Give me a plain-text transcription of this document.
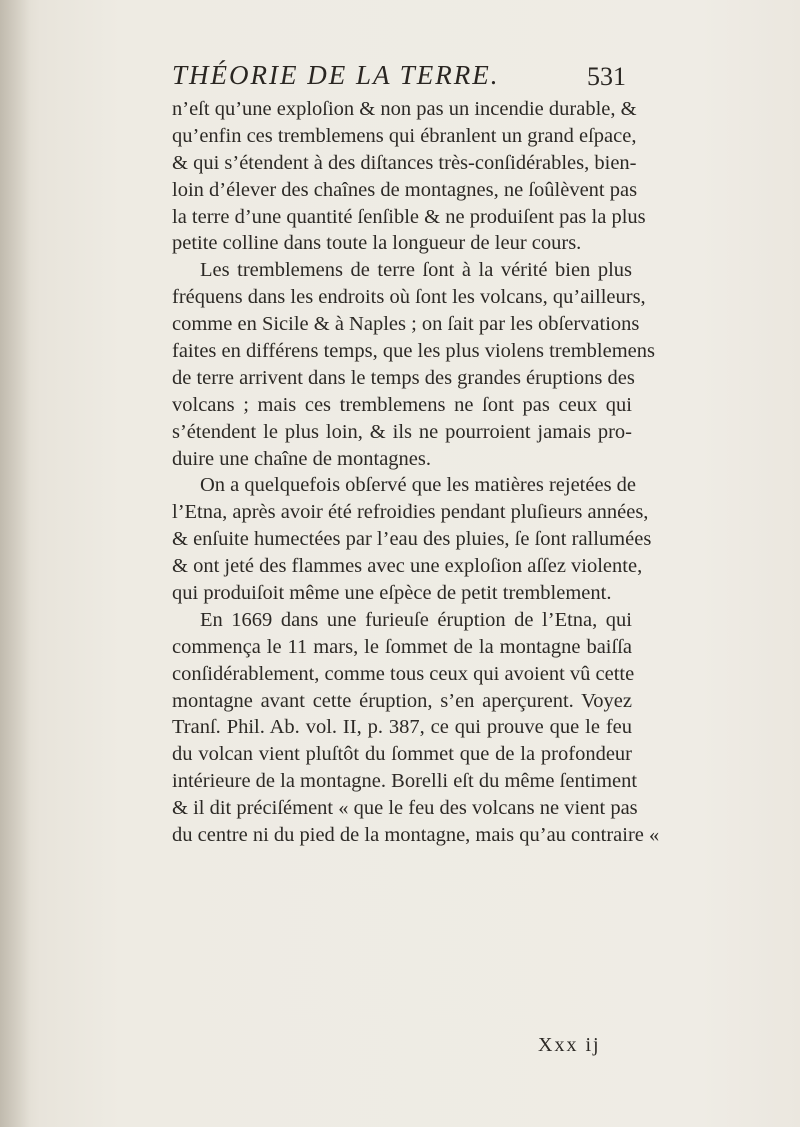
THÉORIE DE LA TERRE.	531
n’eſt qu’une exploſion & non pas un incendie durable, &
qu’enfin ces tremblemens qui ébranlent un grand eſpace,
& qui s’étendent à des diſtances très-conſidérables, bien-
loin d’élever des chaînes de montagnes, ne ſoûlèvent pas
la terre d’une quantité ſenſible & ne produiſent pas la plus
petite colline dans toute la longueur de leur cours.
Les tremblemens de terre ſont à la vérité bien plus
fréquens dans les endroits où ſont les volcans, qu’ailleurs,
comme en Sicile & à Naples ; on ſait par les obſervations
faites en différens temps, que les plus violens tremblemens
de terre arrivent dans le temps des grandes éruptions des
volcans ; mais ces tremblemens ne ſont pas ceux qui
s’étendent le plus loin, & ils ne pourroient jamais pro-
duire une chaîne de montagnes.
On a quelquefois obſervé que les matières rejetées de
l’Etna, après avoir été refroidies pendant pluſieurs années,
& enſuite humectées par l’eau des pluies, ſe ſont rallumées
& ont jeté des flammes avec une exploſion aſſez violente,
qui produiſoit même une eſpèce de petit tremblement.
En 1669 dans une furieuſe éruption de l’Etna, qui
commença le 11 mars, le ſommet de la montagne baiſſa
conſidérablement, comme tous ceux qui avoient vû cette
montagne avant cette éruption, s’en aperçurent. Voyez
Tranſ. Phil. Ab. vol. II, p. 387, ce qui prouve que le feu
du volcan vient pluſtôt du ſommet que de la profondeur
intérieure de la montagne. Borelli eſt du même ſentiment
& il dit préciſément « que le feu des volcans ne vient pas
du centre ni du pied de la montagne, mais qu’au contraire «
Xxx ij
